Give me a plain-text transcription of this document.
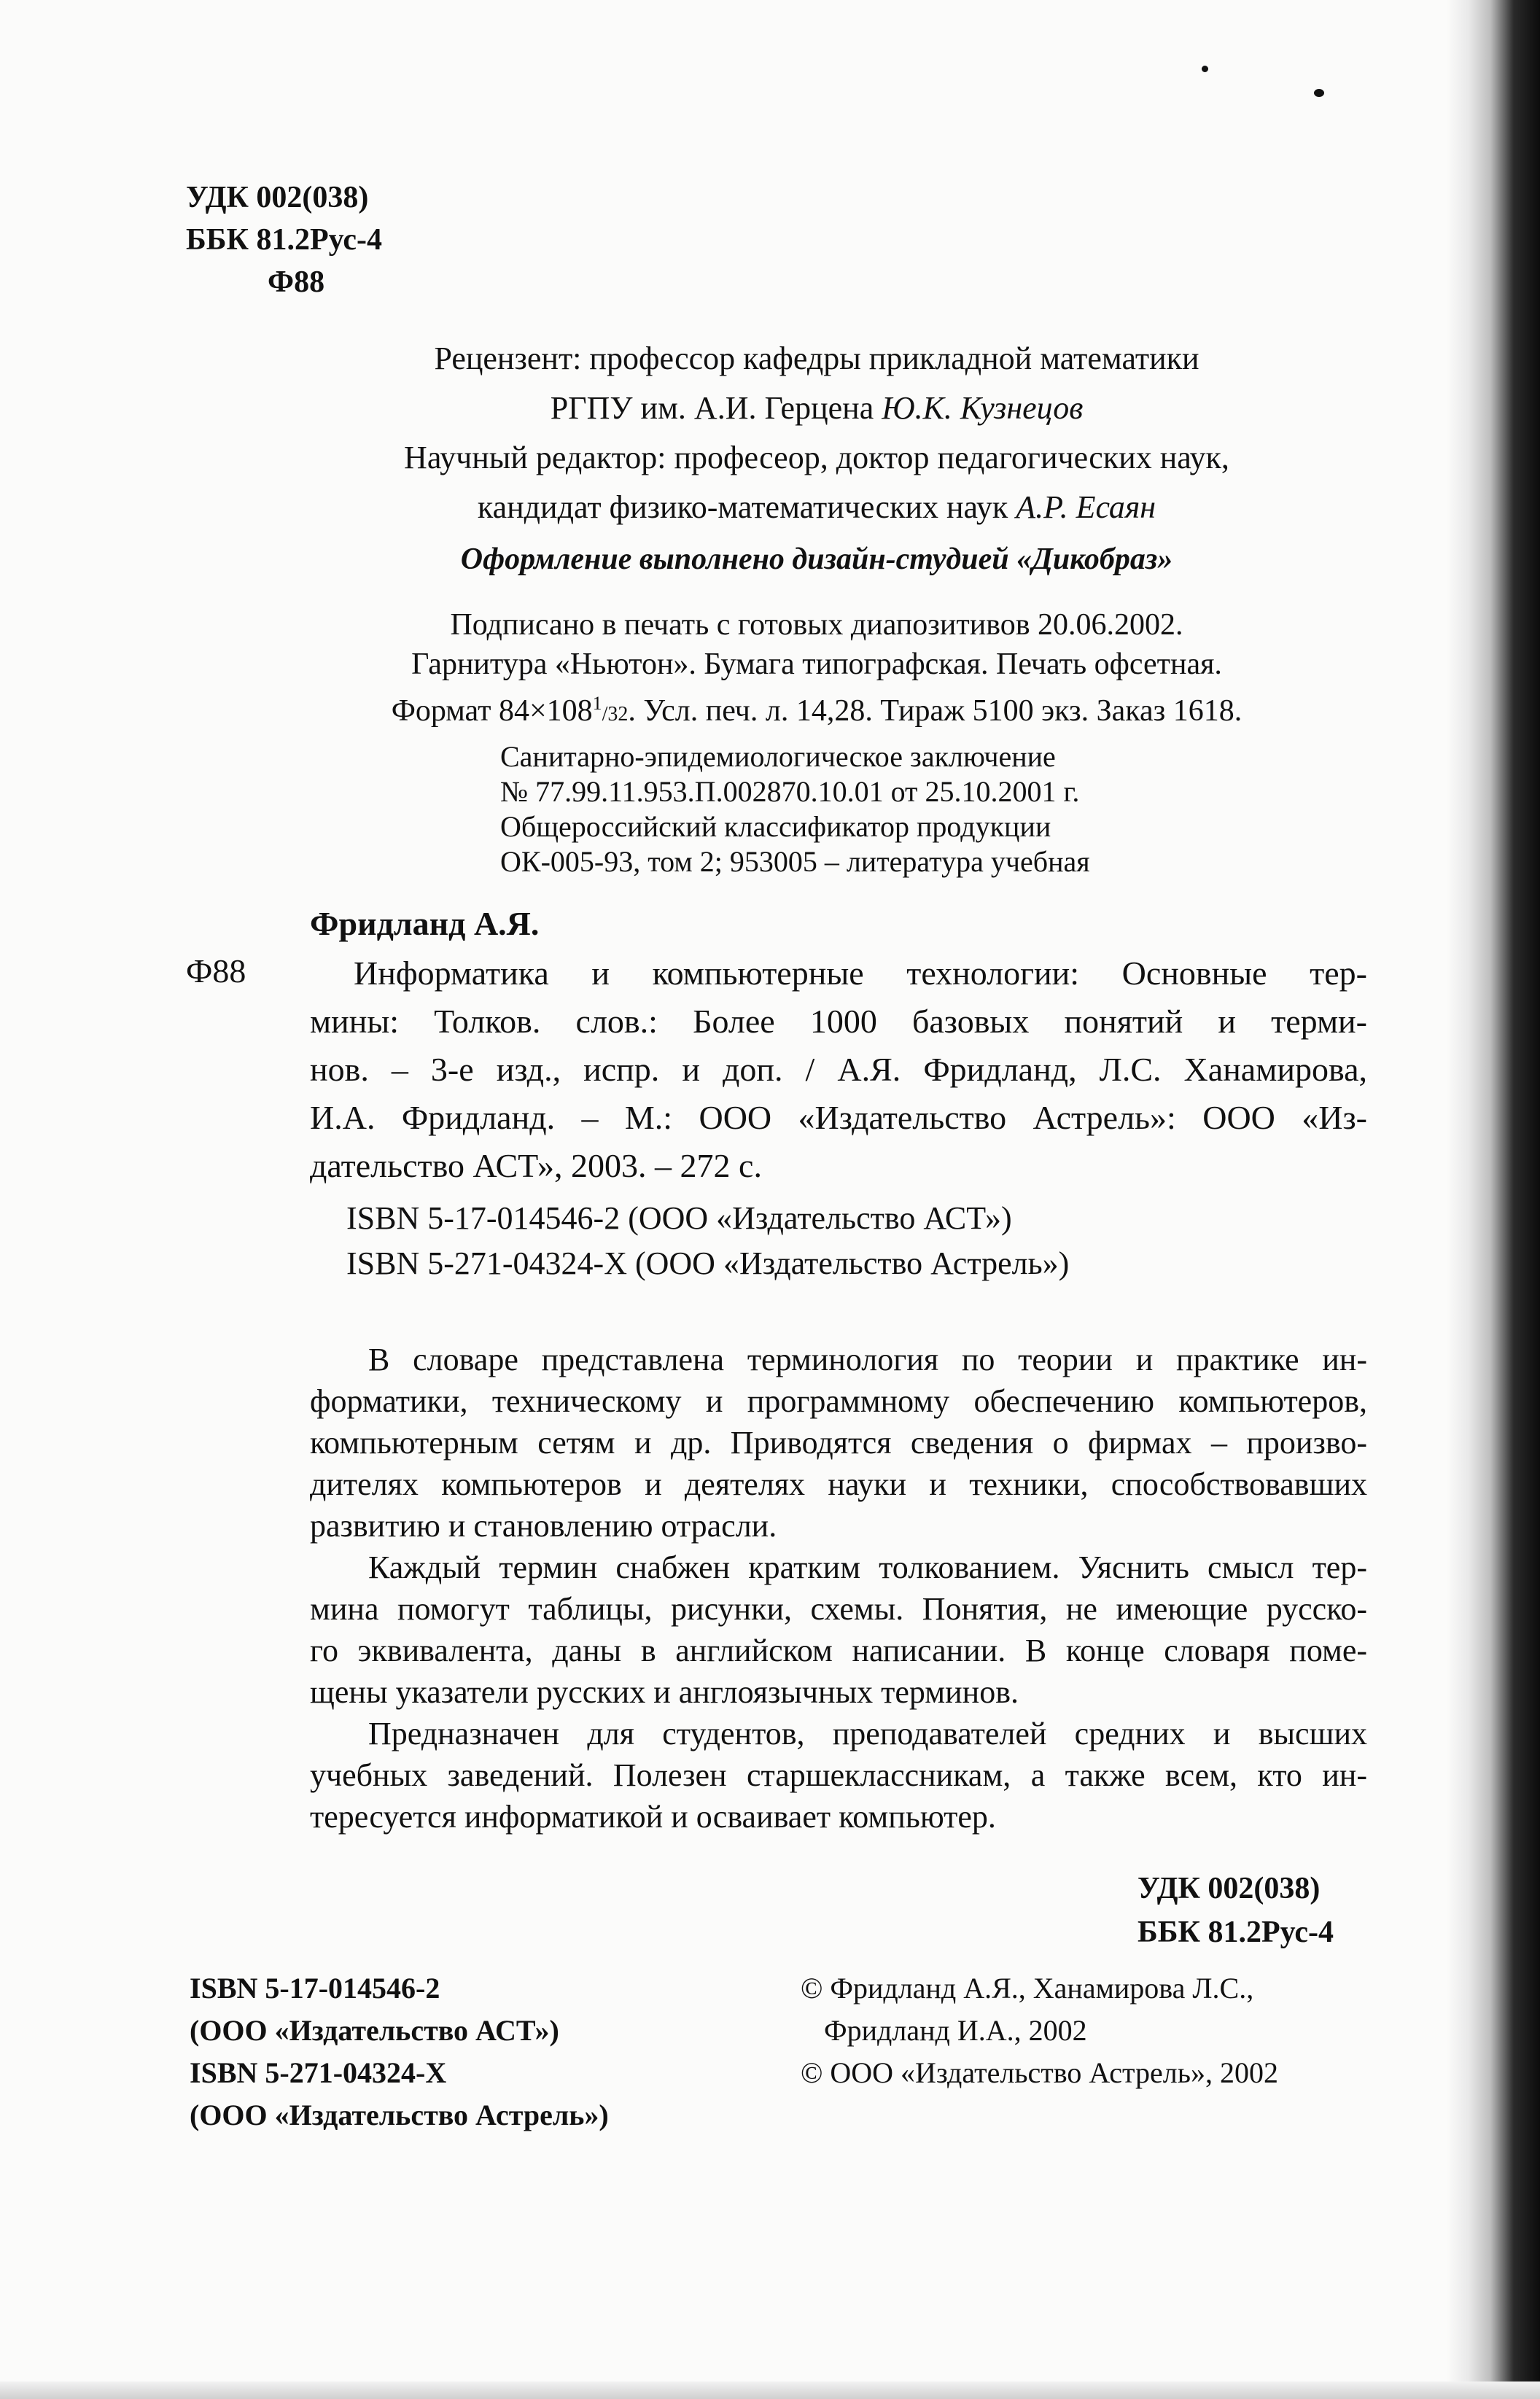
УДК 002(038)
ББК 81.2Рус-4
Ф88

Рецензент: профессор кафедры прикладной математики

РГПУ им. А.И. Герцена Ю.К. Кузнецов

Научный редактор: професеор, доктор педагогических наук,

кандидат физико-математических наук А.Р. Есаян

Оформление выполнено дизайн-студией «Дикобраз»

Подписано в печать с готовых диапозитивов 20.06.2002.

Гарнитура «Ньютон». Бумага типографская. Печать офсетная.

Формат $84\times 108^1/32$. Усл. печ. л. 14,28. Тираж 5100 экз. Заказ 1618.

Санитарно-эпидемиологическое заключение

№ 77.99.11.953.П.002870.10.01 от 25.10.2001 г.

Общероссийский классификатор продукции

ОК-005-93, том 2; 953005 – литература учебная

Фридланд А.Я.
Ф88	Информатика и компьютерные технологии: Основные тер-
мины: Толков. слов.: Более 1000 базовых понятий и терми-
нов. – 3-е изд., испр. и доп. / А.Я. Фридланд, Л.С. Ханамирова,
И.А. Фридланд. – М.: ООО «Издательство Астрель»: ООО «Из-
дательство АСТ», 2003. – 272 с.
ISBN 5-17-014546-2 (ООО «Издательство АСТ»)
ISBN 5-271-04324-Х (ООО «Издательство Астрель»)
В словаре представлена терминология по теории и практике ин-
форматики, техническому и программному обеспечению компьютеров,
компьютерным сетям и др. Приводятся сведения о фирмах – произво-
дителях компьютеров и деятелях науки и техники, способствовавших
развитию и становлению отрасли.
Каждый термин снабжен кратким толкованием. Уяснить смысл тер-
мина помогут таблицы, рисунки, схемы. Понятия, не имеющие русско-
го эквивалента, даны в английском написании. В конце словаря поме-
щены указатели русских и англоязычных терминов.
Предназначен для студентов, преподавателей средних и высших
учебных заведений. Полезен старшеклассникам, а также всем, кто ин-
тересуется информатикой и осваивает компьютер.
УДК 002(038)
ББК 81.2Рус-4

ISBN 5-17-014546-2

(ООО «Издательство АСТ»)

ISBN 5-271-04324-Х

(ООО «Издательство Астрель»)

© Фридланд А.Я., Ханамирова Л.С.,
Фридланд И.А., 2002
© ООО «Издательство Астрель», 2002
